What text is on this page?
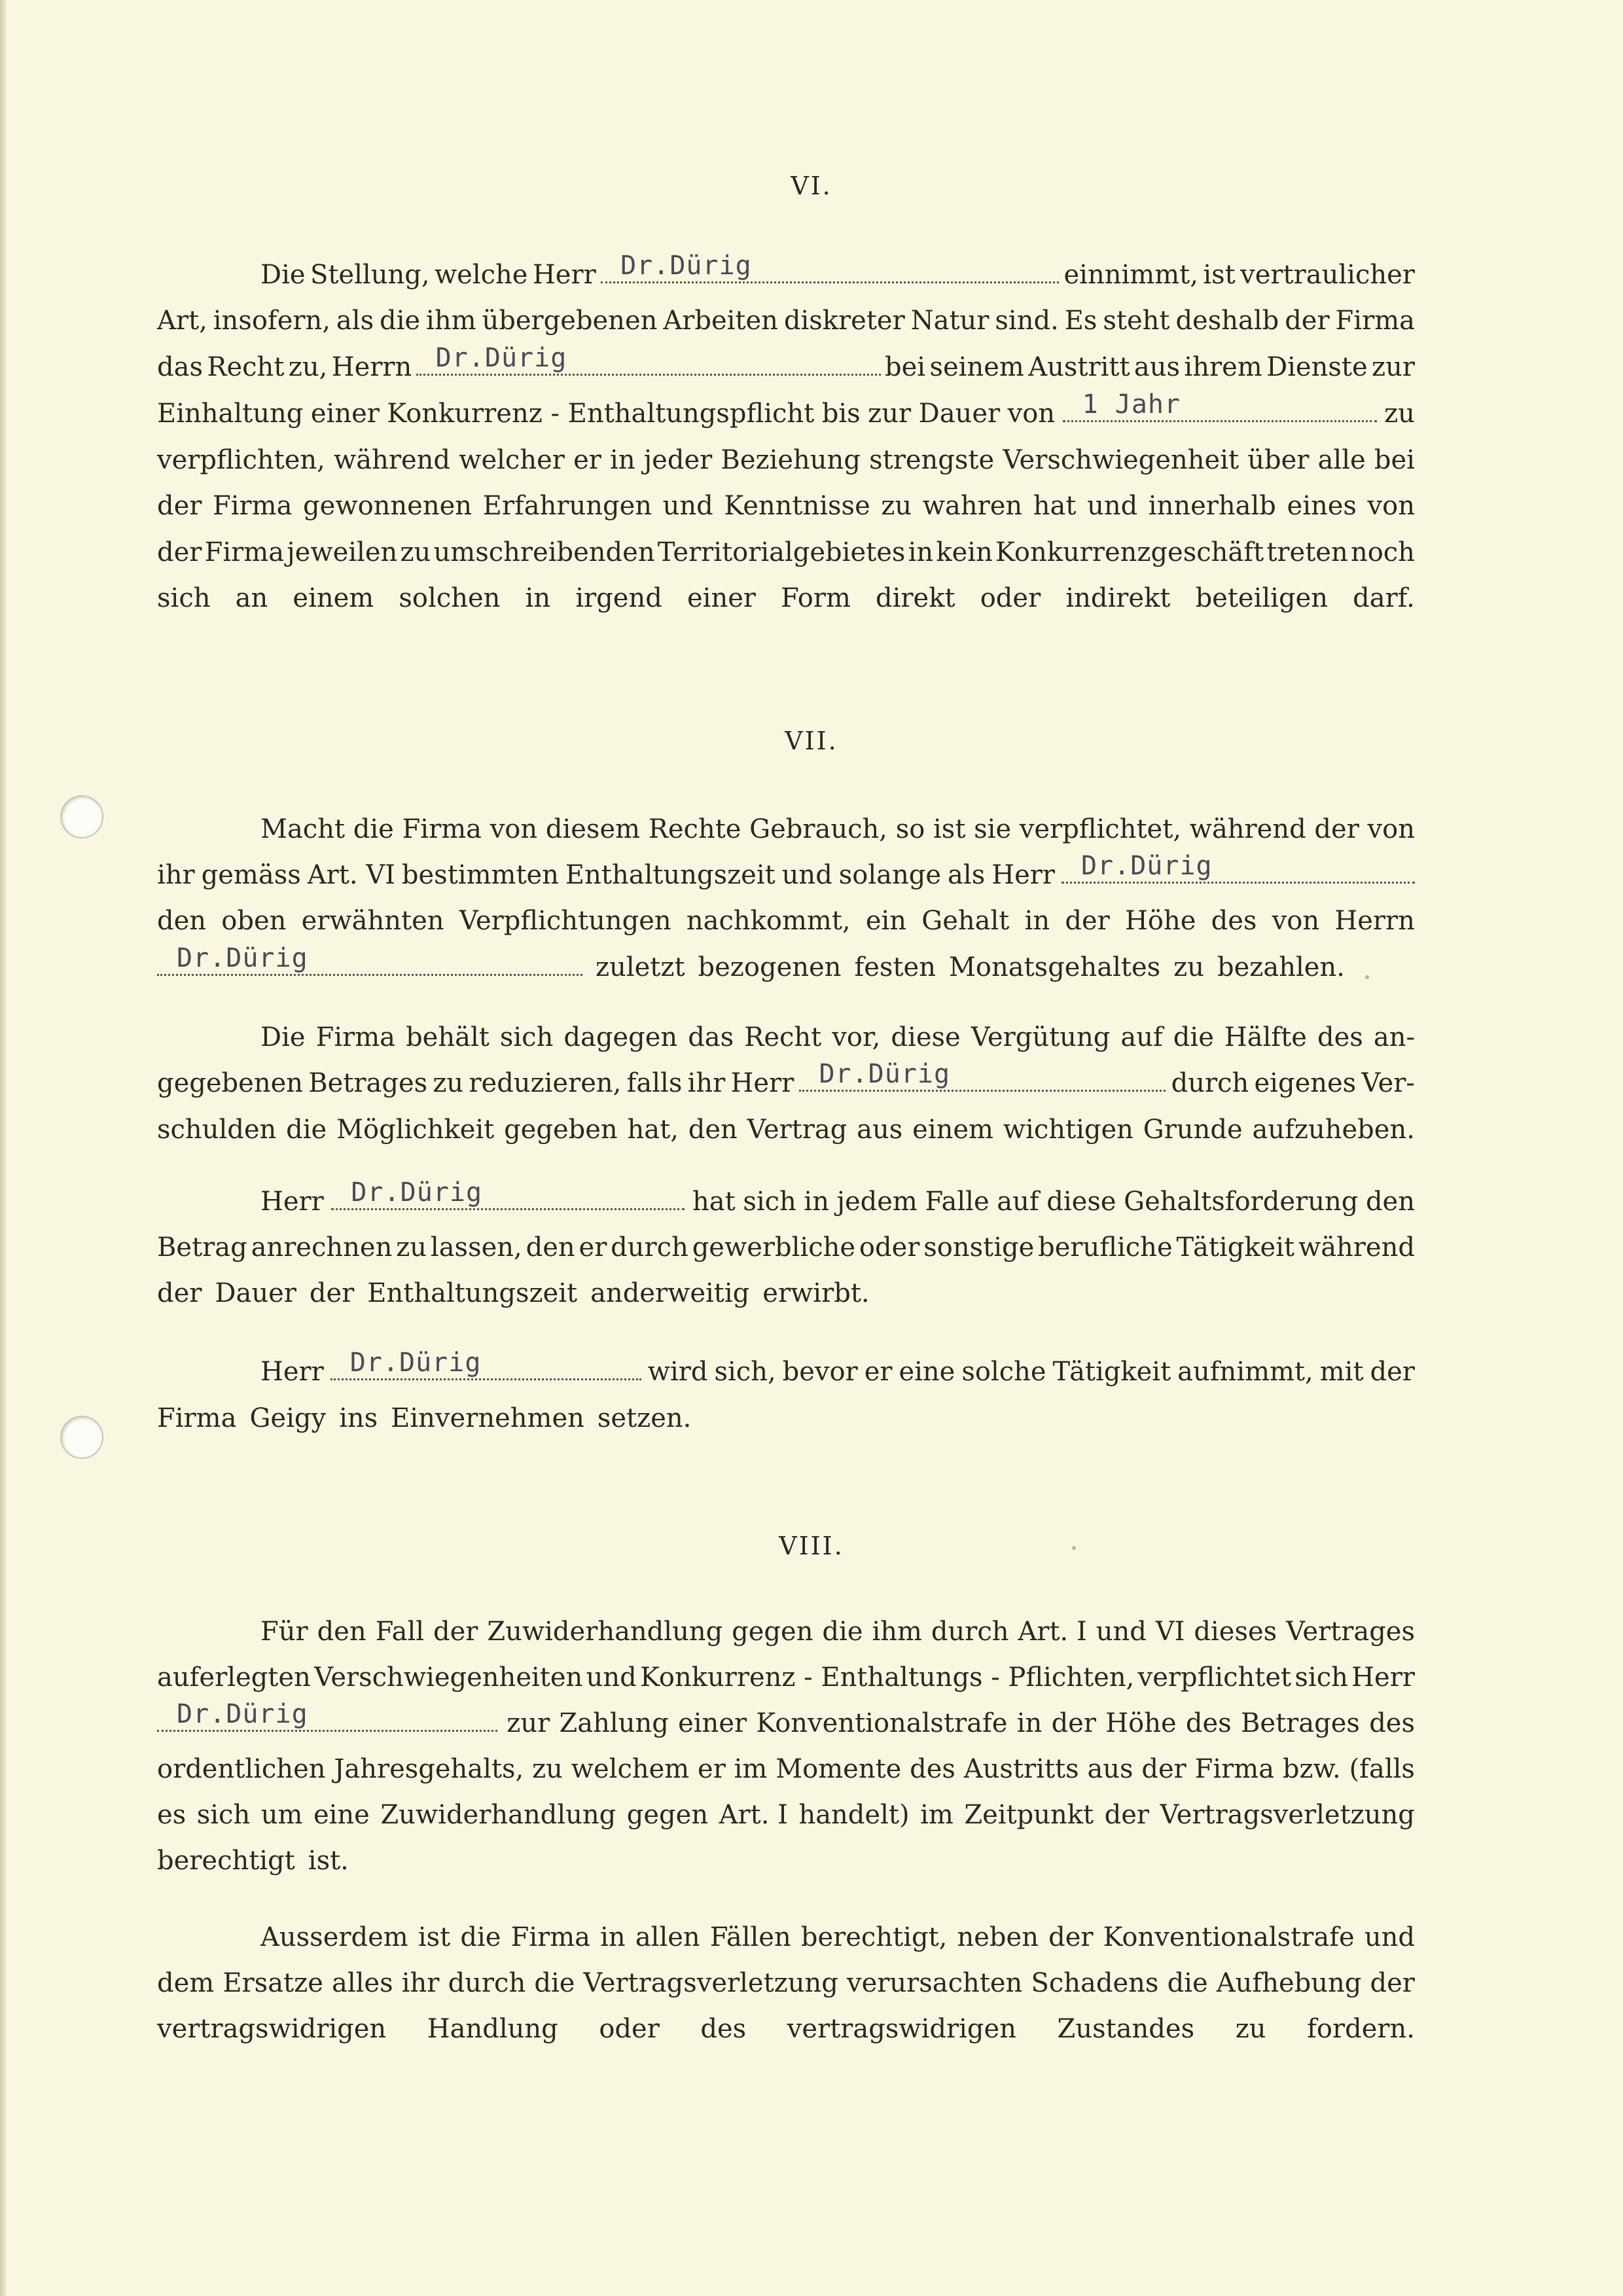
VI.
Die Stellung, welche Herr Dr.Dürig	einnimmt, ist vertraulicher
Art, insofern, als die ihm übergebenen Arbeiten diskreter Natur sind. Es steht deshalb der Firma
das Recht zu, Herrn Dr.Dürig	bei seinem Austritt aus ihrem Dienste zur
Einhaltung einer Konkurrenz - Enthaltungspflicht bis zur Dauer von 1 Jahr	zu
verpflichten, während welcher er in jeder Beziehung strengste Verschwiegenheit über alle bei
der Firma gewonnenen Erfahrungen und Kenntnisse zu wahren hat und innerhalb eines von
der Firma jeweilen zu umschreibenden Territorialgebietes in kein Konkurrenzgeschäft treten noch
sich an einem solchen in irgend einer Form direkt oder indirekt beteiligen darf.
VII.
Macht die Firma von diesem Rechte Gebrauch, so ist sie verpflichtet, während der von
ihr gemäss Art. VI bestimmten Enthaltungszeit und solange als Herr Dr.Dürig
den oben erwähnten Verpflichtungen nachkommt, ein Gehalt in der Höhe des von Herrn
Dr.Dürig	zuletzt bezogenen festen Monatsgehaltes zu bezahlen.
Die Firma behält sich dagegen das Recht vor, diese Vergütung auf die Hälfte des an-
gegebenen Betrages zu reduzieren, falls ihr Herr Dr.Dürig	durch eigenes Ver-
schulden die Möglichkeit gegeben hat, den Vertrag aus einem wichtigen Grunde aufzuheben.
Herr Dr.Dürig	hat sich in jedem Falle auf diese Gehaltsforderung den
Betrag anrechnen zu lassen, den er durch gewerbliche oder sonstige berufliche Tätigkeit während
der Dauer der Enthaltungszeit anderweitig erwirbt.
Herr Dr.Dürig	wird sich, bevor er eine solche Tätigkeit aufnimmt, mit der
Firma Geigy ins Einvernehmen setzen.
VIII.
Für den Fall der Zuwiderhandlung gegen die ihm durch Art. I und VI dieses Vertrages
auferlegten Verschwiegenheiten und Konkurrenz - Enthaltungs - Pflichten, verpflichtet sich Herr
Dr.Dürig	zur Zahlung einer Konventionalstrafe in der Höhe des Betrages des
ordentlichen Jahresgehalts, zu welchem er im Momente des Austritts aus der Firma bzw. (falls
es sich um eine Zuwiderhandlung gegen Art. I handelt) im Zeitpunkt der Vertragsverletzung
berechtigt ist.
Ausserdem ist die Firma in allen Fällen berechtigt, neben der Konventionalstrafe und
dem Ersatze alles ihr durch die Vertragsverletzung verursachten Schadens die Aufhebung der
vertragswidrigen Handlung oder des vertragswidrigen Zustandes zu fordern.
